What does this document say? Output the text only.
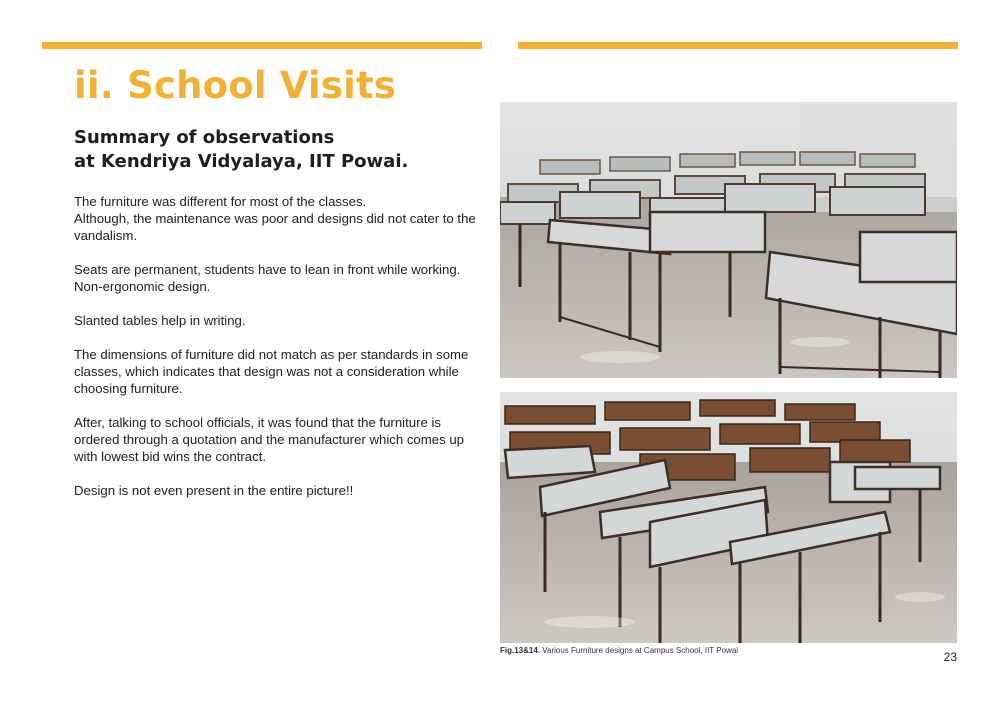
ii. School Visits
Summary of observations
at Kendriya Vidyalaya, IIT Powai.

The furniture was different for most of the classes.
Although, the maintenance was poor and designs did not cater to the vandalism.

Seats are permanent, students have to lean in front while working.
Non-ergonomic design.

Slanted tables help in writing.

The dimensions of furniture did not match as per standards in some classes, which indicates that design was not a consideration while choosing furniture.

After, talking to school officials, it was found that the furniture is ordered through a quotation and the manufacturer which comes up with lowest bid wins the contract.

Design is not even present in the entire picture!!

Fig.13&14. Various Furniture designs at Campus School, IIT Powai	23
